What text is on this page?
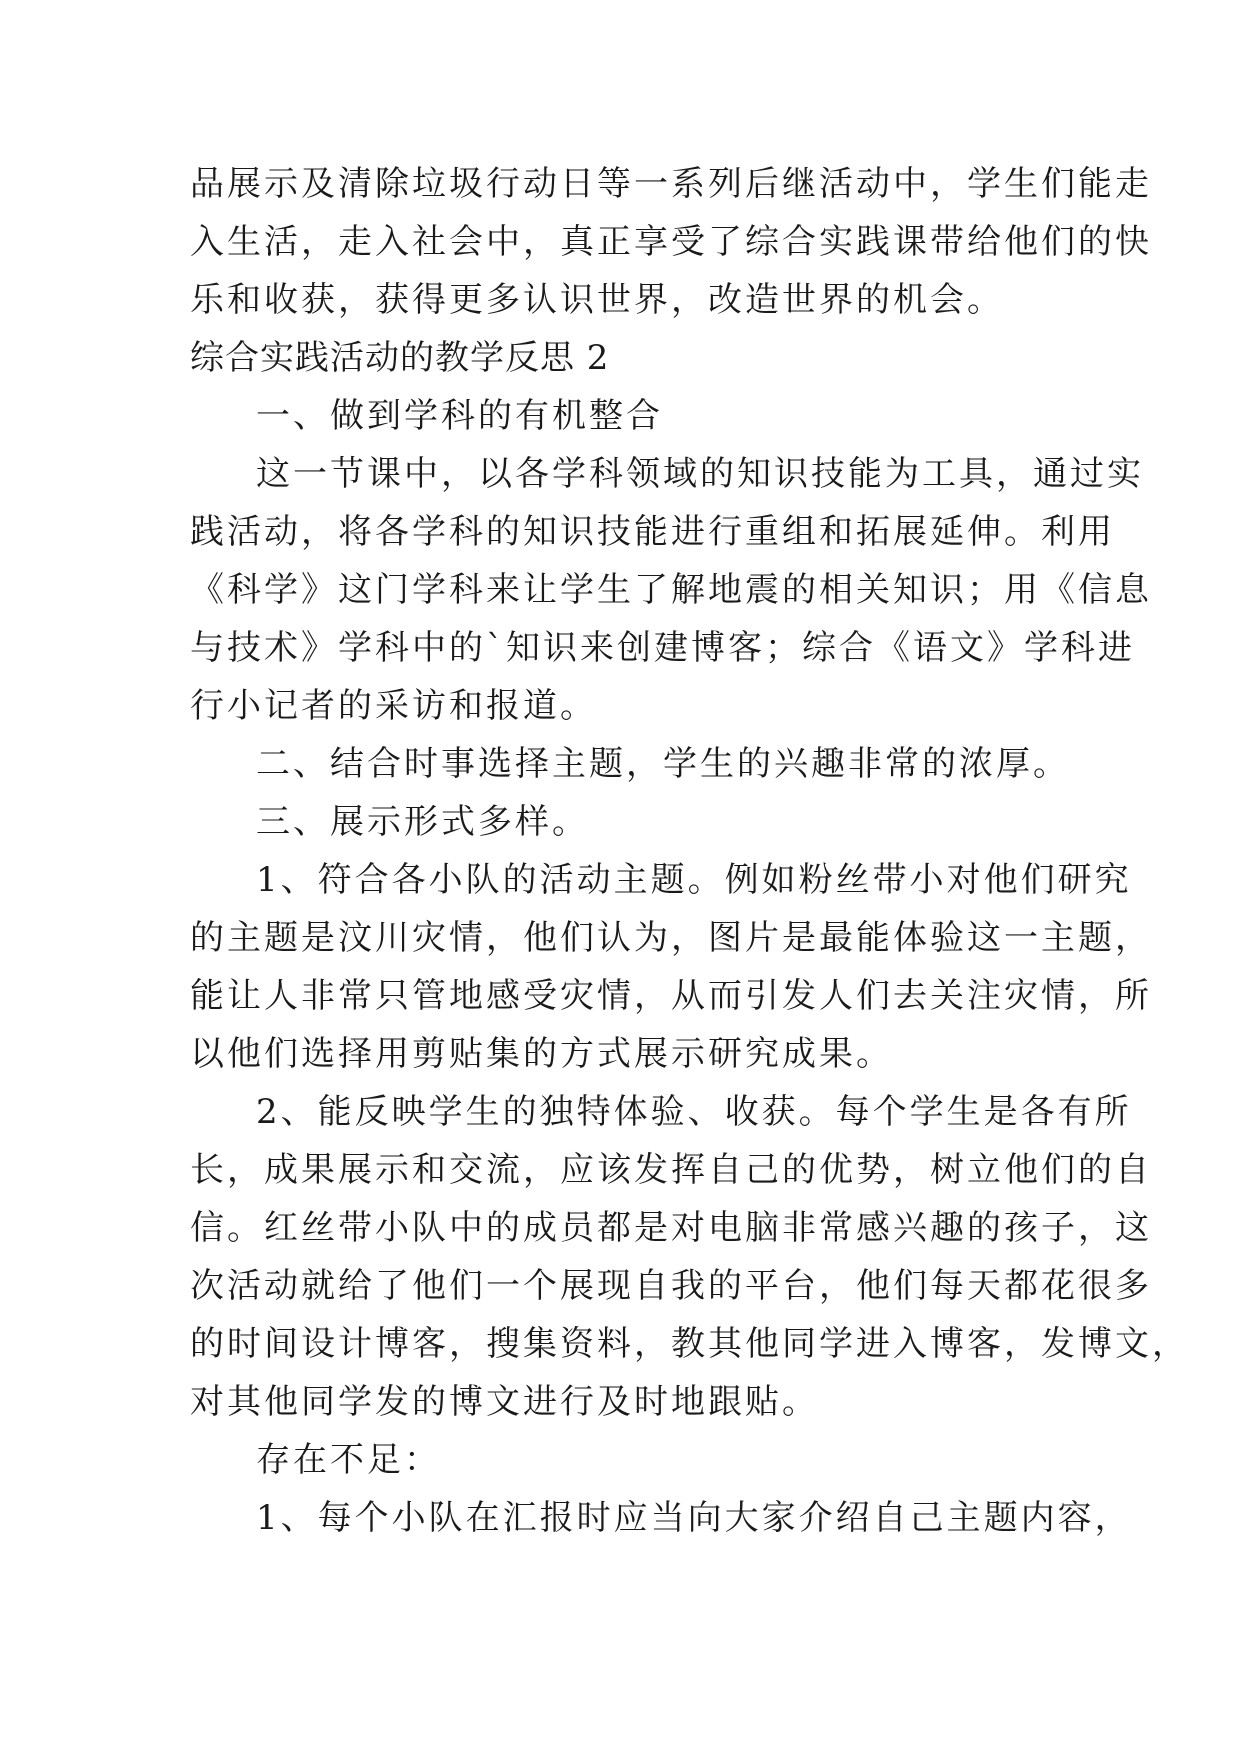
品展示及清除垃圾行动日等一系列后继活动中，学生们能走
入生活，走入社会中，真正享受了综合实践课带给他们的快
乐和收获，获得更多认识世界，改造世界的机会。
综合实践活动的教学反思 2
一、做到学科的有机整合
这一节课中，以各学科领域的知识技能为工具，通过实
践活动，将各学科的知识技能进行重组和拓展延伸。利用
《科学》这门学科来让学生了解地震的相关知识；用《信息
与技术》学科中的`知识来创建博客；综合《语文》学科进
行小记者的采访和报道。
二、结合时事选择主题，学生的兴趣非常的浓厚。
三、展示形式多样。
1、符合各小队的活动主题。例如粉丝带小对他们研究
的主题是汶川灾情，他们认为，图片是最能体验这一主题，
能让人非常只管地感受灾情，从而引发人们去关注灾情，所
以他们选择用剪贴集的方式展示研究成果。
2、能反映学生的独特体验、收获。每个学生是各有所
长，成果展示和交流，应该发挥自己的优势，树立他们的自
信。红丝带小队中的成员都是对电脑非常感兴趣的孩子，这
次活动就给了他们一个展现自我的平台，他们每天都花很多
的时间设计博客，搜集资料，教其他同学进入博客，发博文，
对其他同学发的博文进行及时地跟贴。
存在不足：
1、每个小队在汇报时应当向大家介绍自己主题内容，
